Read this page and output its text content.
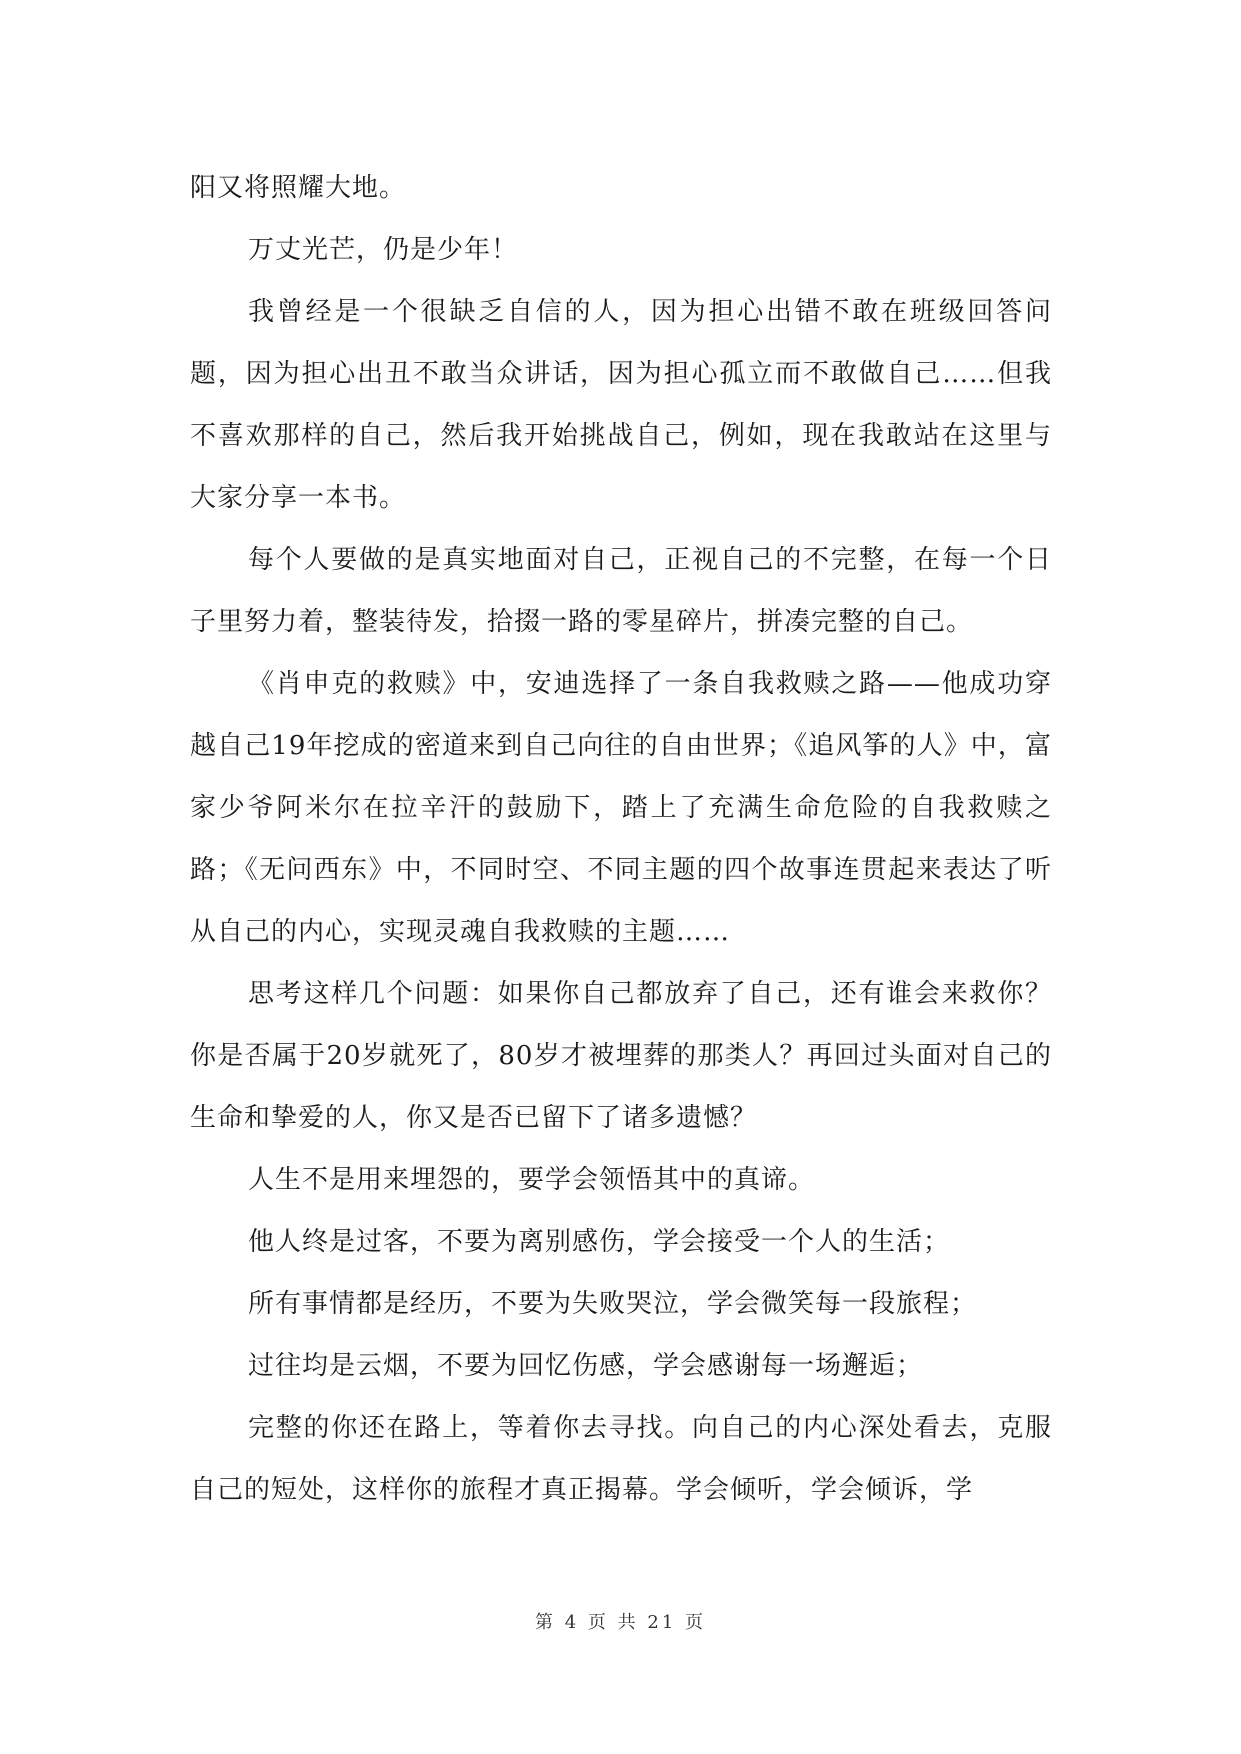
阳又将照耀大地。

万丈光芒，仍是少年！

我曾经是一个很缺乏自信的人，因为担心出错不敢在班级回答问题，因为担心出丑不敢当众讲话，因为担心孤立而不敢做自己……但我不喜欢那样的自己，然后我开始挑战自己，例如，现在我敢站在这里与大家分享一本书。

每个人要做的是真实地面对自己，正视自己的不完整，在每一个日子里努力着，整装待发，拾掇一路的零星碎片，拼凑完整的自己。

《肖申克的救赎》中，安迪选择了一条自我救赎之路——他成功穿越自己19年挖成的密道来到自己向往的自由世界；《追风筝的人》中，富家少爷阿米尔在拉辛汗的鼓励下，踏上了充满生命危险的自我救赎之路；《无问西东》中，不同时空、不同主题的四个故事连贯起来表达了听从自己的内心，实现灵魂自我救赎的主题……

思考这样几个问题：如果你自己都放弃了自己，还有谁会来救你？你是否属于20岁就死了，80岁才被埋葬的那类人？再回过头面对自己的生命和挚爱的人，你又是否已留下了诸多遗憾？

人生不是用来埋怨的，要学会领悟其中的真谛。

他人终是过客，不要为离别感伤，学会接受一个人的生活；

所有事情都是经历，不要为失败哭泣，学会微笑每一段旅程；

过往均是云烟，不要为回忆伤感，学会感谢每一场邂逅；

完整的你还在路上，等着你去寻找。向自己的内心深处看去，克服自己的短处，这样你的旅程才真正揭幕。学会倾听，学会倾诉，学

第 4 页 共 21 页
